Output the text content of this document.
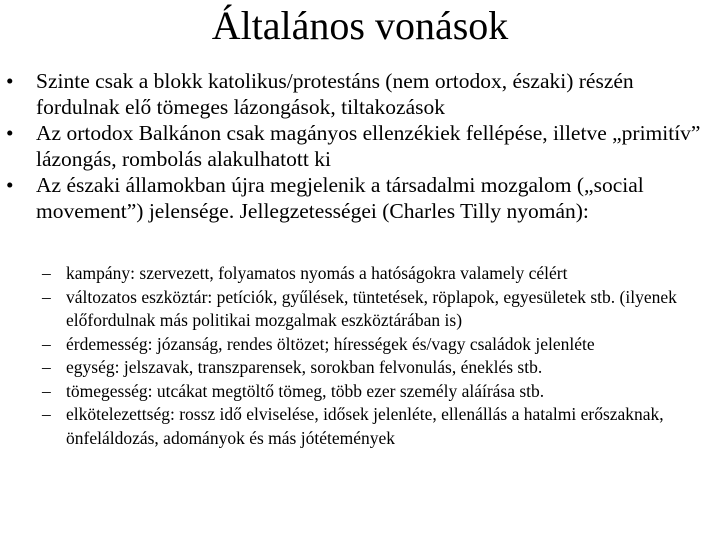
Általános vonások

• Szinte csak a blokk katolikus/protestáns (nem ortodox, északi) részén fordulnak elő tömeges lázongások, tiltakozások

• Az ortodox Balkánon csak magányos ellenzékiek fellépése, illetve „primitív” lázongás, rombolás alakulhatott ki

• Az északi államokban újra megjelenik a társadalmi mozgalom („social movement”) jelensége. Jellegzetességei (Charles Tilly nyomán):

– kampány: szervezett, folyamatos nyomás a hatóságokra valamely célért

– változatos eszköztár: petíciók, gyűlések, tüntetések, röplapok, egyesületek stb. (ilyenek előfordulnak más politikai mozgalmak eszköztárában is)

– érdemesség: józanság, rendes öltözet; hírességek és/vagy családok jelenléte

– egység: jelszavak, transzparensek, sorokban felvonulás, éneklés stb.

– tömegesség: utcákat megtöltő tömeg, több ezer személy aláírása stb.

– elkötelezettség: rossz idő elviselése, idősek jelenléte, ellenállás a hatalmi erőszaknak, önfeláldozás, adományok és más jótétemények
